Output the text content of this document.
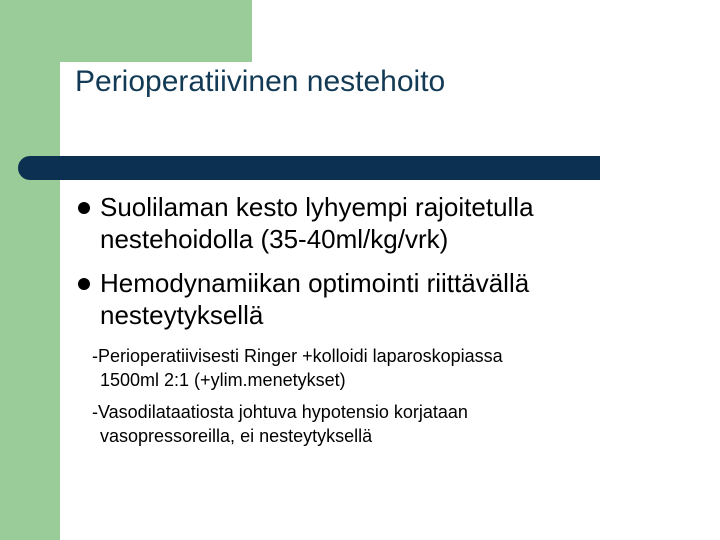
Perioperatiivinen nestehoito
Suolilaman kesto lyhyempi rajoitetulla
nestehoidolla (35-40ml/kg/vrk)
Hemodynamiikan optimointi riittävällä
nesteytyksellä
-Perioperatiivisesti Ringer +kolloidi laparoskopiassa
1500ml 2:1 (+ylim.menetykset)
-Vasodilataatiosta johtuva hypotensio korjataan
vasopressoreilla, ei nesteytyksellä
